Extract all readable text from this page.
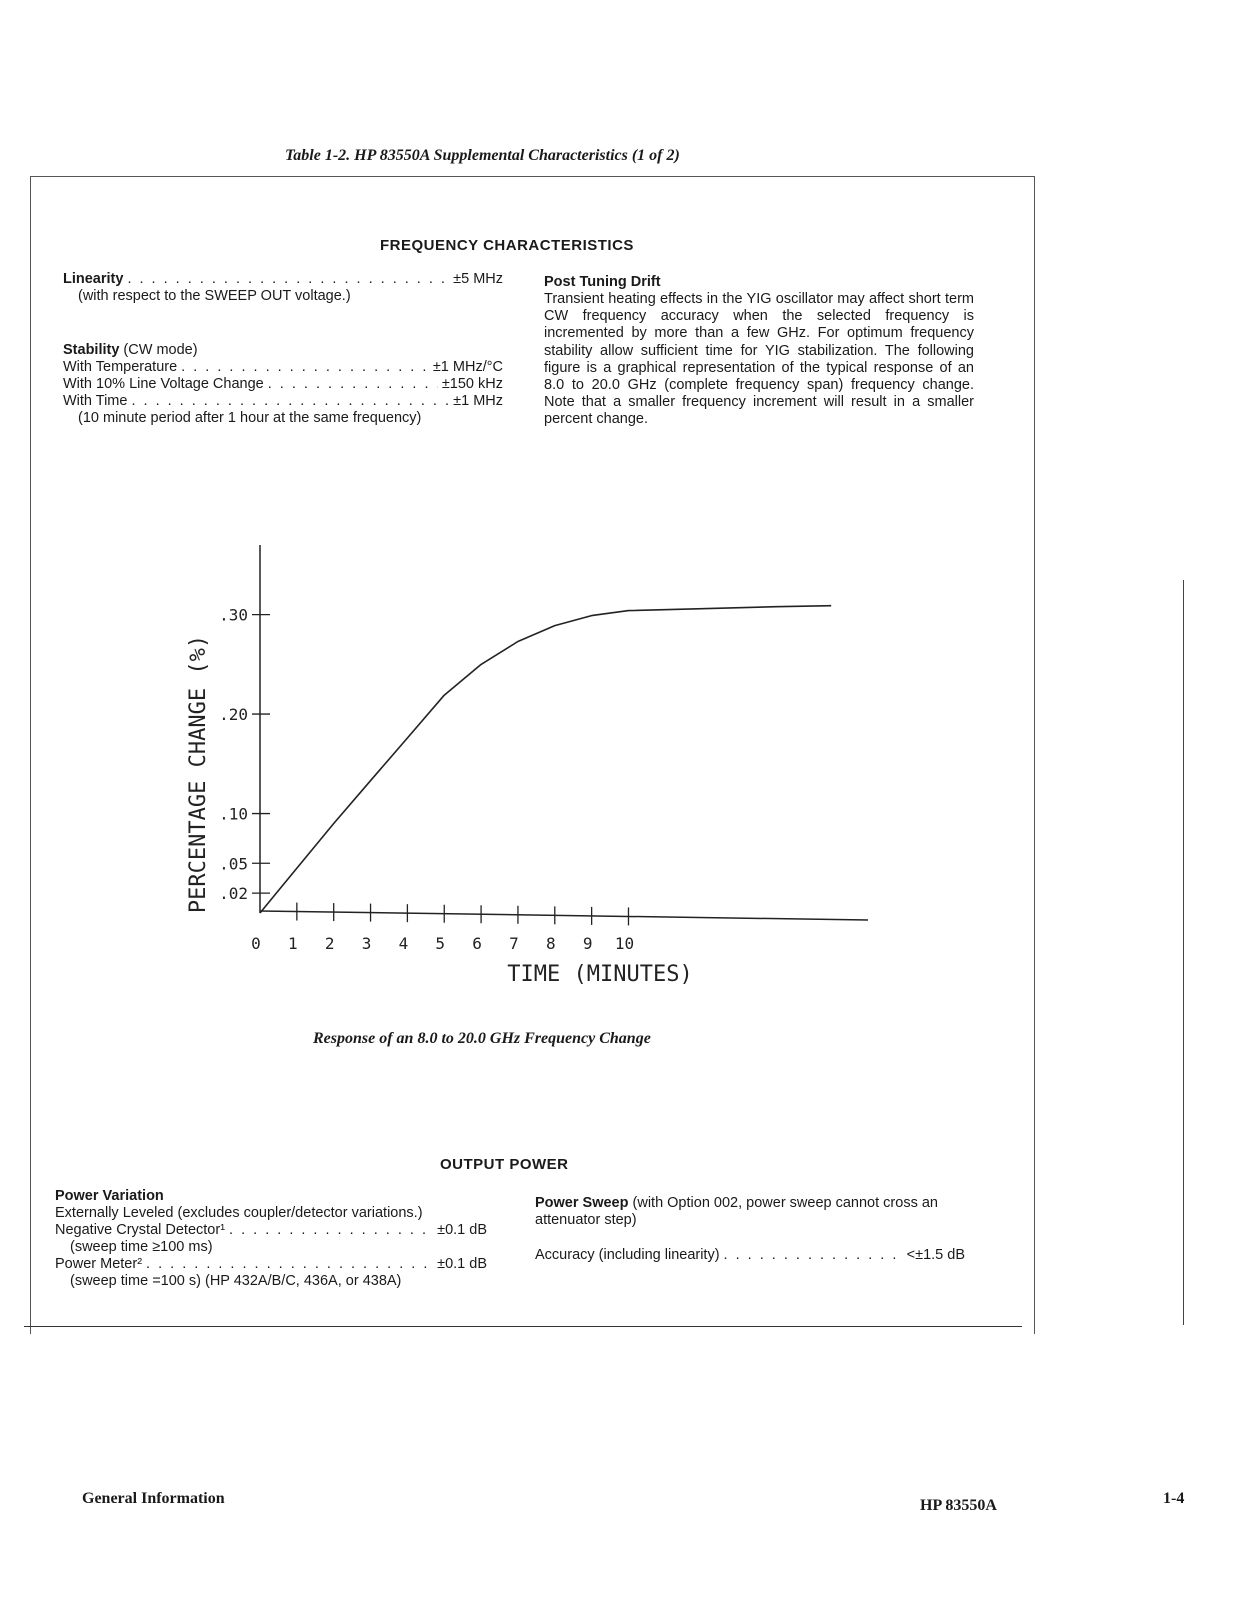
Table 1-2. HP 83550A Supplemental Characteristics (1 of 2)
FREQUENCY CHARACTERISTICS
Linearity . . .	±5 MHz
(with respect to the SWEEP OUT voltage.)
Stability (CW mode)
With Temperature . . .	±1 MHz/°C
With 10% Line Voltage Change . . .	±150 kHz
With Time . . .	±1 MHz
(10 minute period after 1 hour at the same frequency)
Post Tuning Drift
Transient heating effects in the YIG oscillator may affect short term CW frequency accuracy when the selected frequency is incremented by more than a few GHz. For optimum frequency stability allow sufficient time for YIG stabilization. The following figure is a graphical representation of the typical response of an 8.0 to 20.0 GHz (complete frequency span) frequency change. Note that a smaller frequency increment will result in a smaller percent change.
.30
.20
.10
.05
.02
0 1 2 3 4 5 6 7 8 9 10
TIME (MINUTES)
PERCENTAGE CHANGE (%)
Response of an 8.0 to 20.0 GHz Frequency Change
OUTPUT POWER
Power Variation
Externally Leveled (excludes coupler/detector variations.)
Negative Crystal Detector¹ . . .	±0.1 dB
(sweep time ≥100 ms)
Power Meter² . . .	±0.1 dB
(sweep time =100 s) (HP 432A/B/C, 436A, or 438A)
Power Sweep (with Option 002, power sweep cannot cross an attenuator step)
Accuracy (including linearity) . . .	<±1.5 dB
General Information	HP 83550A	1-4
